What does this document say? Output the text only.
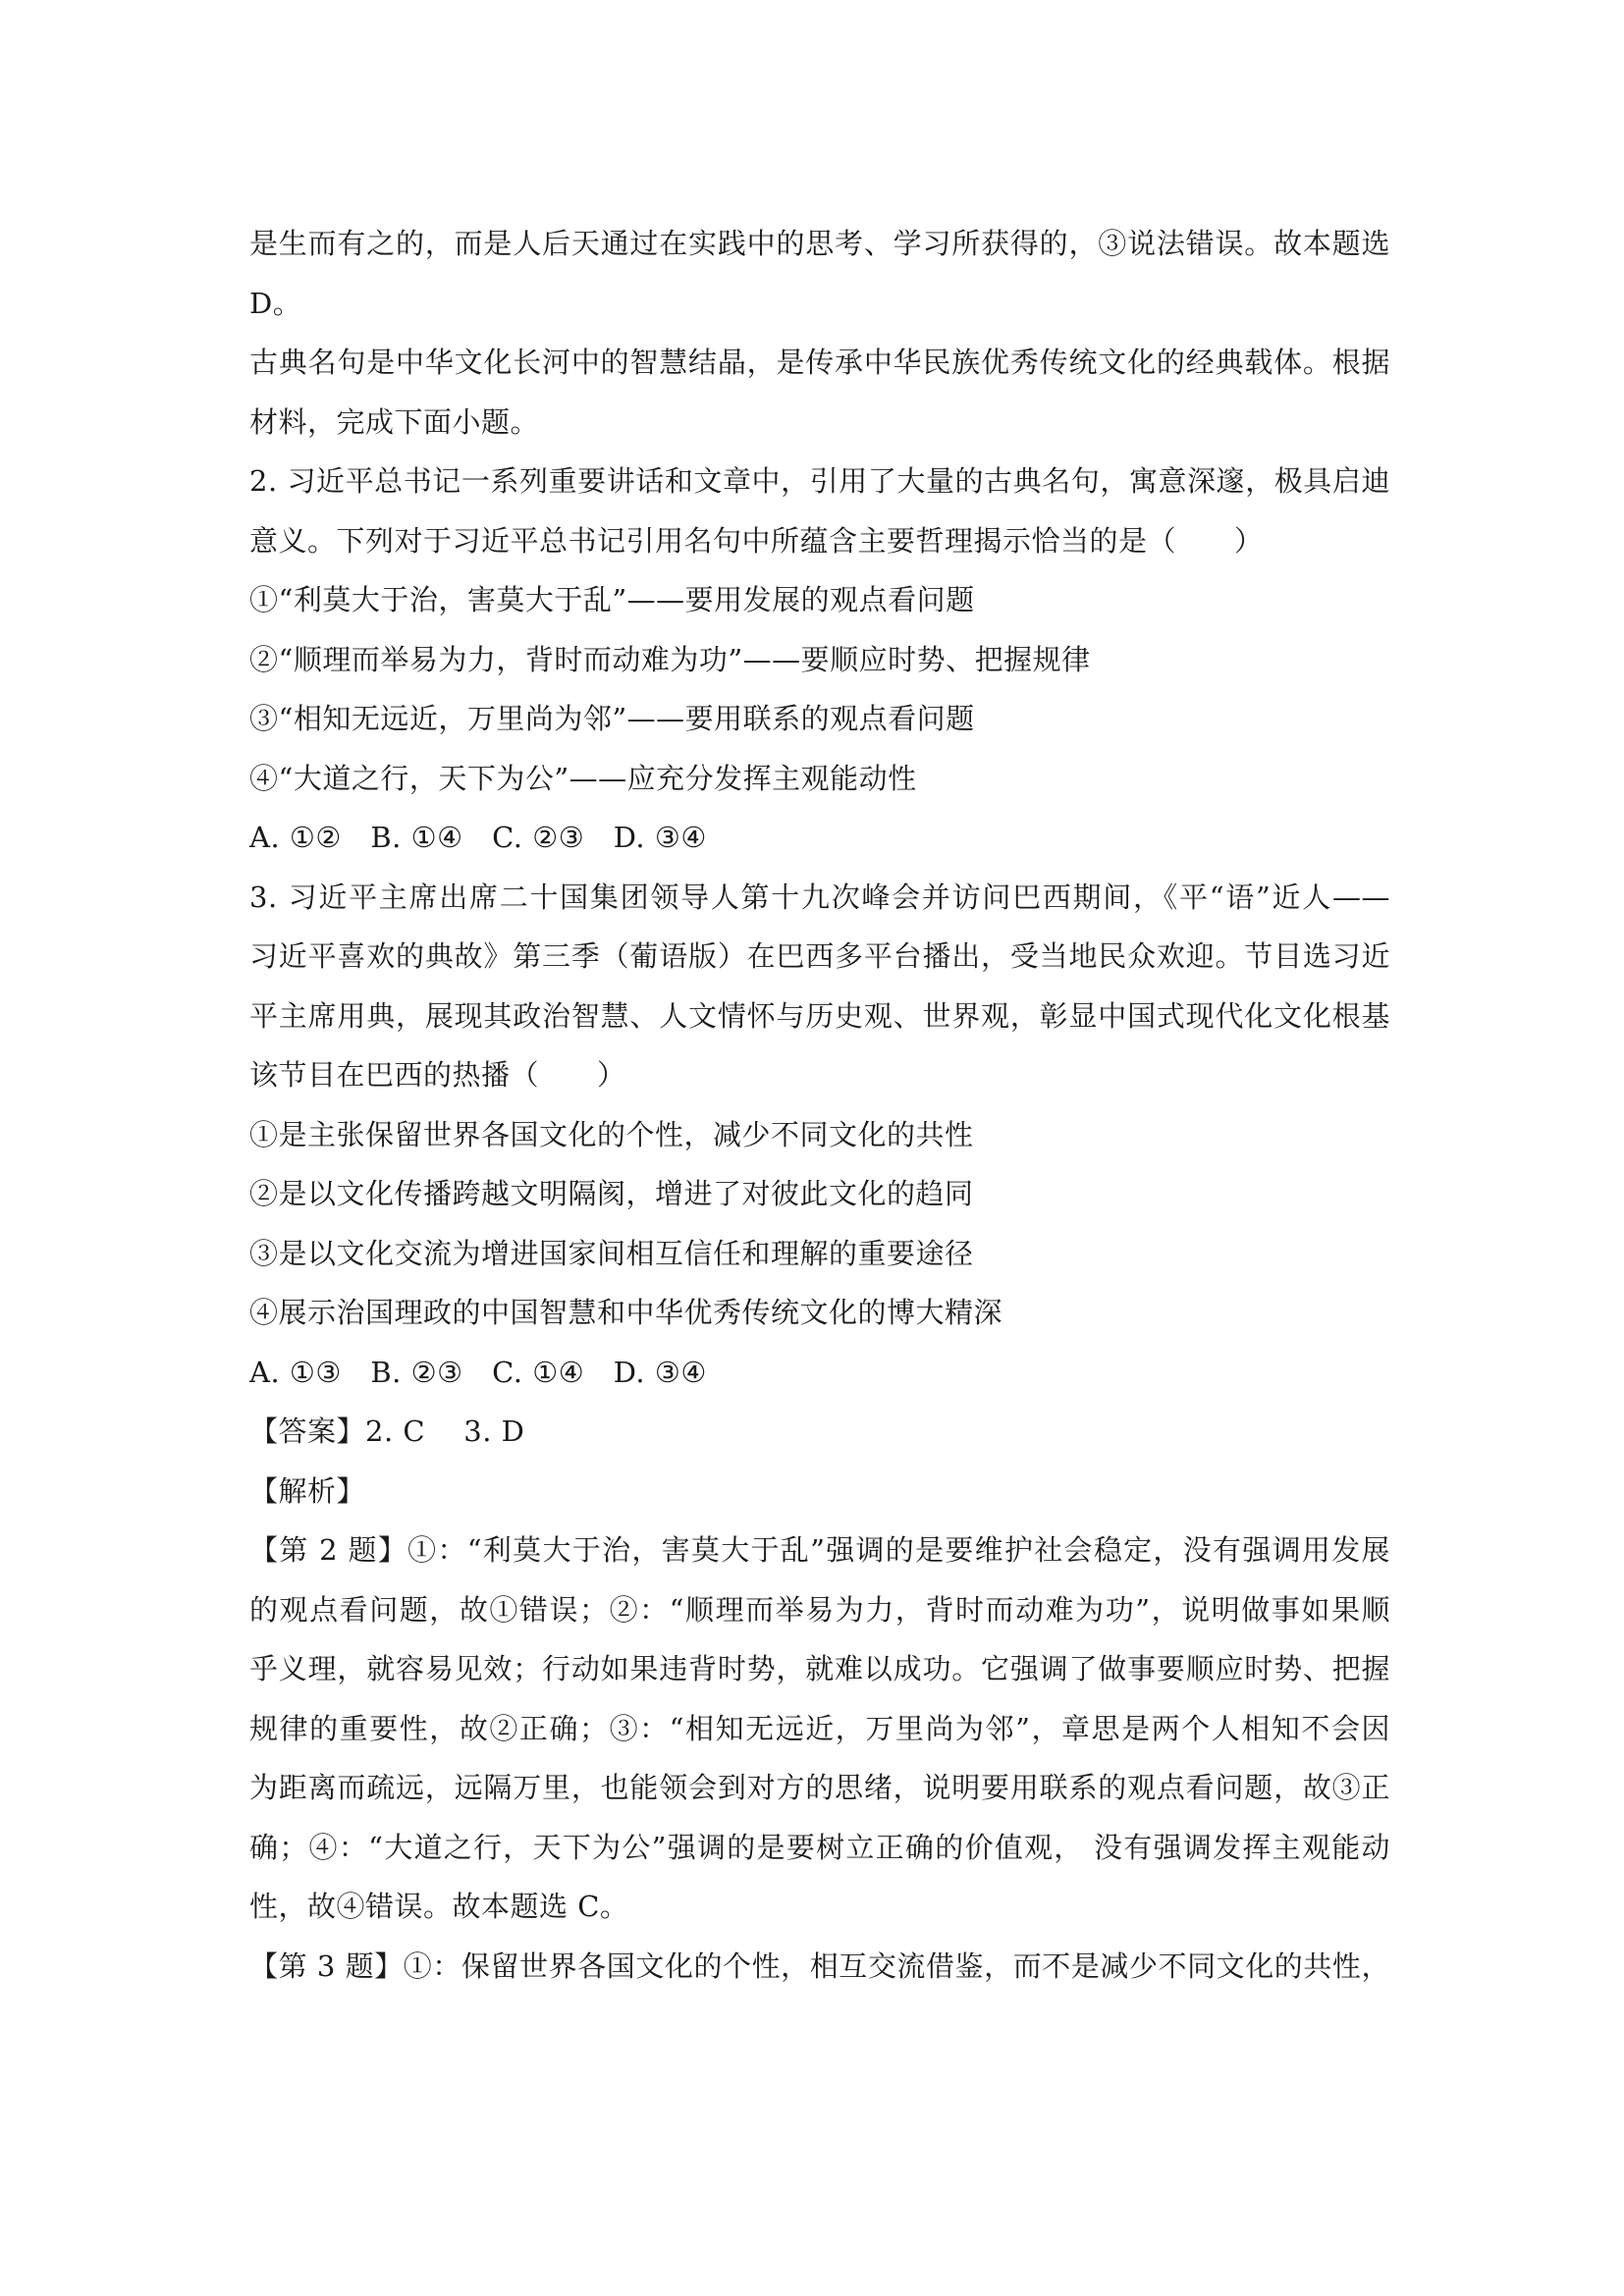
是生而有之的，而是人后天通过在实践中的思考、学习所获得的，③说法错误。故本题选
D。
古典名句是中华文化长河中的智慧结晶，是传承中华民族优秀传统文化的经典载体。根据
材料，完成下面小题。
2. 习近平总书记一系列重要讲话和文章中，引用了大量的古典名句，寓意深邃，极具启迪
意义。下列对于习近平总书记引用名句中所蕴含主要哲理揭示恰当的是（　　）
①“利莫大于治，害莫大于乱”——要用发展的观点看问题
②“顺理而举易为力，背时而动难为功”——要顺应时势、把握规律
③“相知无远近，万里尚为邻”——要用联系的观点看问题
④“大道之行，天下为公”——应充分发挥主观能动性
A. ①②　B. ①④　C. ②③　D. ③④
3. 习近平主席出席二十国集团领导人第十九次峰会并访问巴西期间，《平“语”近人——
习近平喜欢的典故》第三季（葡语版）在巴西多平台播出，受当地民众欢迎。节目选习近
平主席用典，展现其政治智慧、人文情怀与历史观、世界观，彰显中国式现代化文化根基
该节目在巴西的热播（　　）
①是主张保留世界各国文化的个性，减少不同文化的共性
②是以文化传播跨越文明隔阂，增进了对彼此文化的趋同
③是以文化交流为增进国家间相互信任和理解的重要途径
④展示治国理政的中国智慧和中华优秀传统文化的博大精深
A. ①③　B. ②③　C. ①④　D. ③④
【答案】2. C　 3. D
【解析】
【第 2 题】①：“利莫大于治，害莫大于乱”强调的是要维护社会稳定，没有强调用发展
的观点看问题，故①错误；②：“顺理而举易为力，背时而动难为功”，说明做事如果顺
乎义理，就容易见效；行动如果违背时势，就难以成功。它强调了做事要顺应时势、把握
规律的重要性，故②正确；③：“相知无远近，万里尚为邻”，章思是两个人相知不会因
为距离而疏远，远隔万里，也能领会到对方的思绪，说明要用联系的观点看问题，故③正
确；④：“大道之行，天下为公”强调的是要树立正确的价值观， 没有强调发挥主观能动
性，故④错误。故本题选 C。
【第 3 题】①：保留世界各国文化的个性，相互交流借鉴，而不是减少不同文化的共性，
